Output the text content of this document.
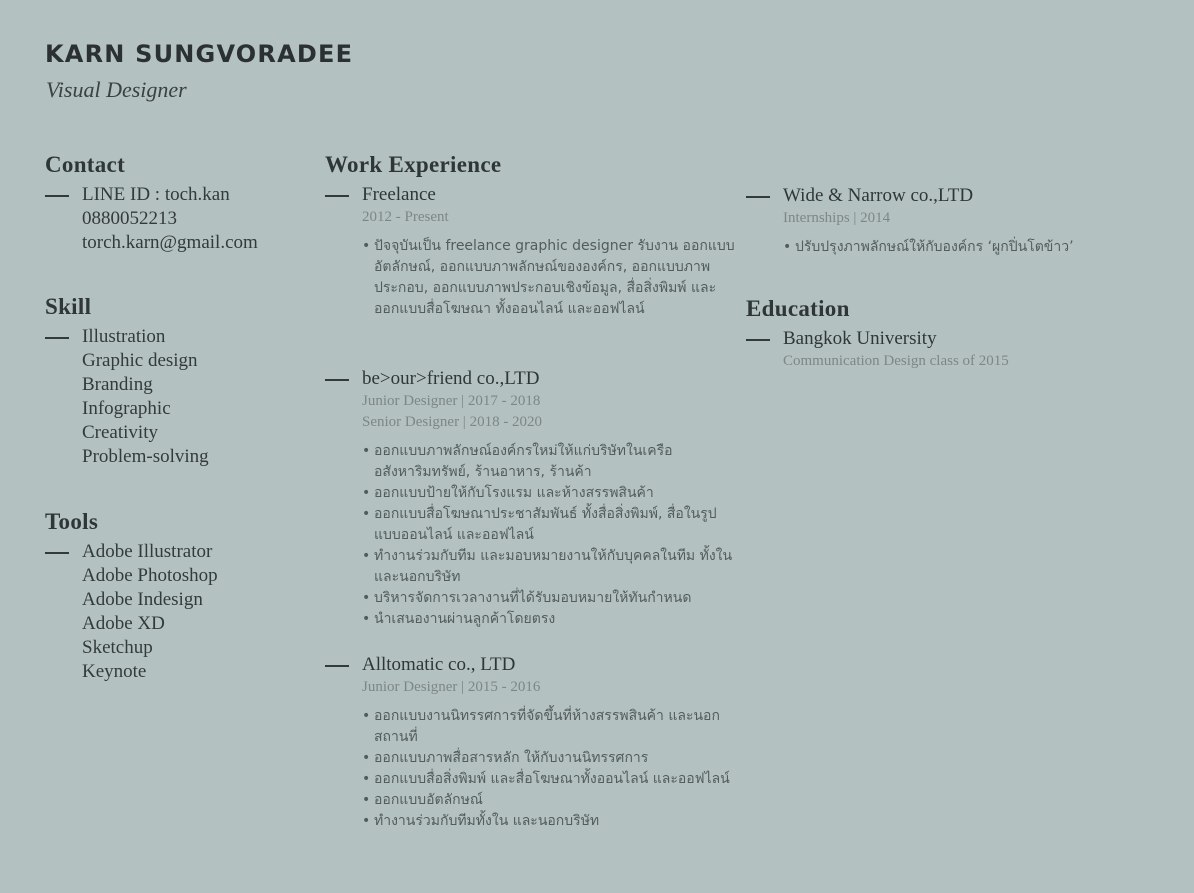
KARN SUNGVORADEE
Visual Designer
Contact
LINE ID : toch.kan
0880052213
torch.karn@gmail.com
Skill
Illustration
Graphic design
Branding
Infographic
Creativity
Problem-solving
Tools
Adobe Illustrator
Adobe Photoshop
Adobe Indesign
Adobe XD
Sketchup
Keynote
Work Experience
Freelance
2012 - Present
• ปัจจุบันเป็น freelance graphic designer รับงาน ออกแบบอัตลักษณ์, ออกแบบภาพลักษณ์ขององค์กร, ออกแบบภาพประกอบ, ออกแบบภาพประกอบเชิงข้อมูล, สื่อสิ่งพิมพ์ และออกแบบสื่อโฆษณา ทั้งออนไลน์ และออฟไลน์
be>our>friend co.,LTD
Junior Designer | 2017 - 2018
Senior Designer | 2018 - 2020
• ออกแบบภาพลักษณ์องค์กรใหม่ให้แก่บริษัทในเครือ อสังหาริมทรัพย์, ร้านอาหาร, ร้านค้า
• ออกแบบป้ายให้กับโรงแรม และห้างสรรพสินค้า
• ออกแบบสื่อโฆษณาประชาสัมพันธ์ ทั้งสื่อสิ่งพิมพ์, สื่อในรูปแบบออนไลน์ และออฟไลน์
• ทำงานร่วมกับทีม และมอบหมายงานให้กับบุคคลในทีม ทั้งใน และนอกบริษัท
• บริหารจัดการเวลางานที่ได้รับมอบหมายให้ทันกำหนด
• นำเสนองานผ่านลูกค้าโดยตรง
Alltomatic co., LTD
Junior Designer | 2015 - 2016
• ออกแบบงานนิทรรศการที่จัดขึ้นที่ห้างสรรพสินค้า และนอกสถานที่
• ออกแบบภาพสื่อสารหลัก ให้กับงานนิทรรศการ
• ออกแบบสื่อสิ่งพิมพ์ และสื่อโฆษณาทั้งออนไลน์ และออฟไลน์
• ออกแบบอัตลักษณ์
• ทำงานร่วมกับทีมทั้งใน และนอกบริษัท
Wide & Narrow co.,LTD
Internships | 2014
• ปรับปรุงภาพลักษณ์ให้กับองค์กร ‘ผูกปิ่นโตข้าว’
Education
Bangkok University
Communication Design class of 2015
